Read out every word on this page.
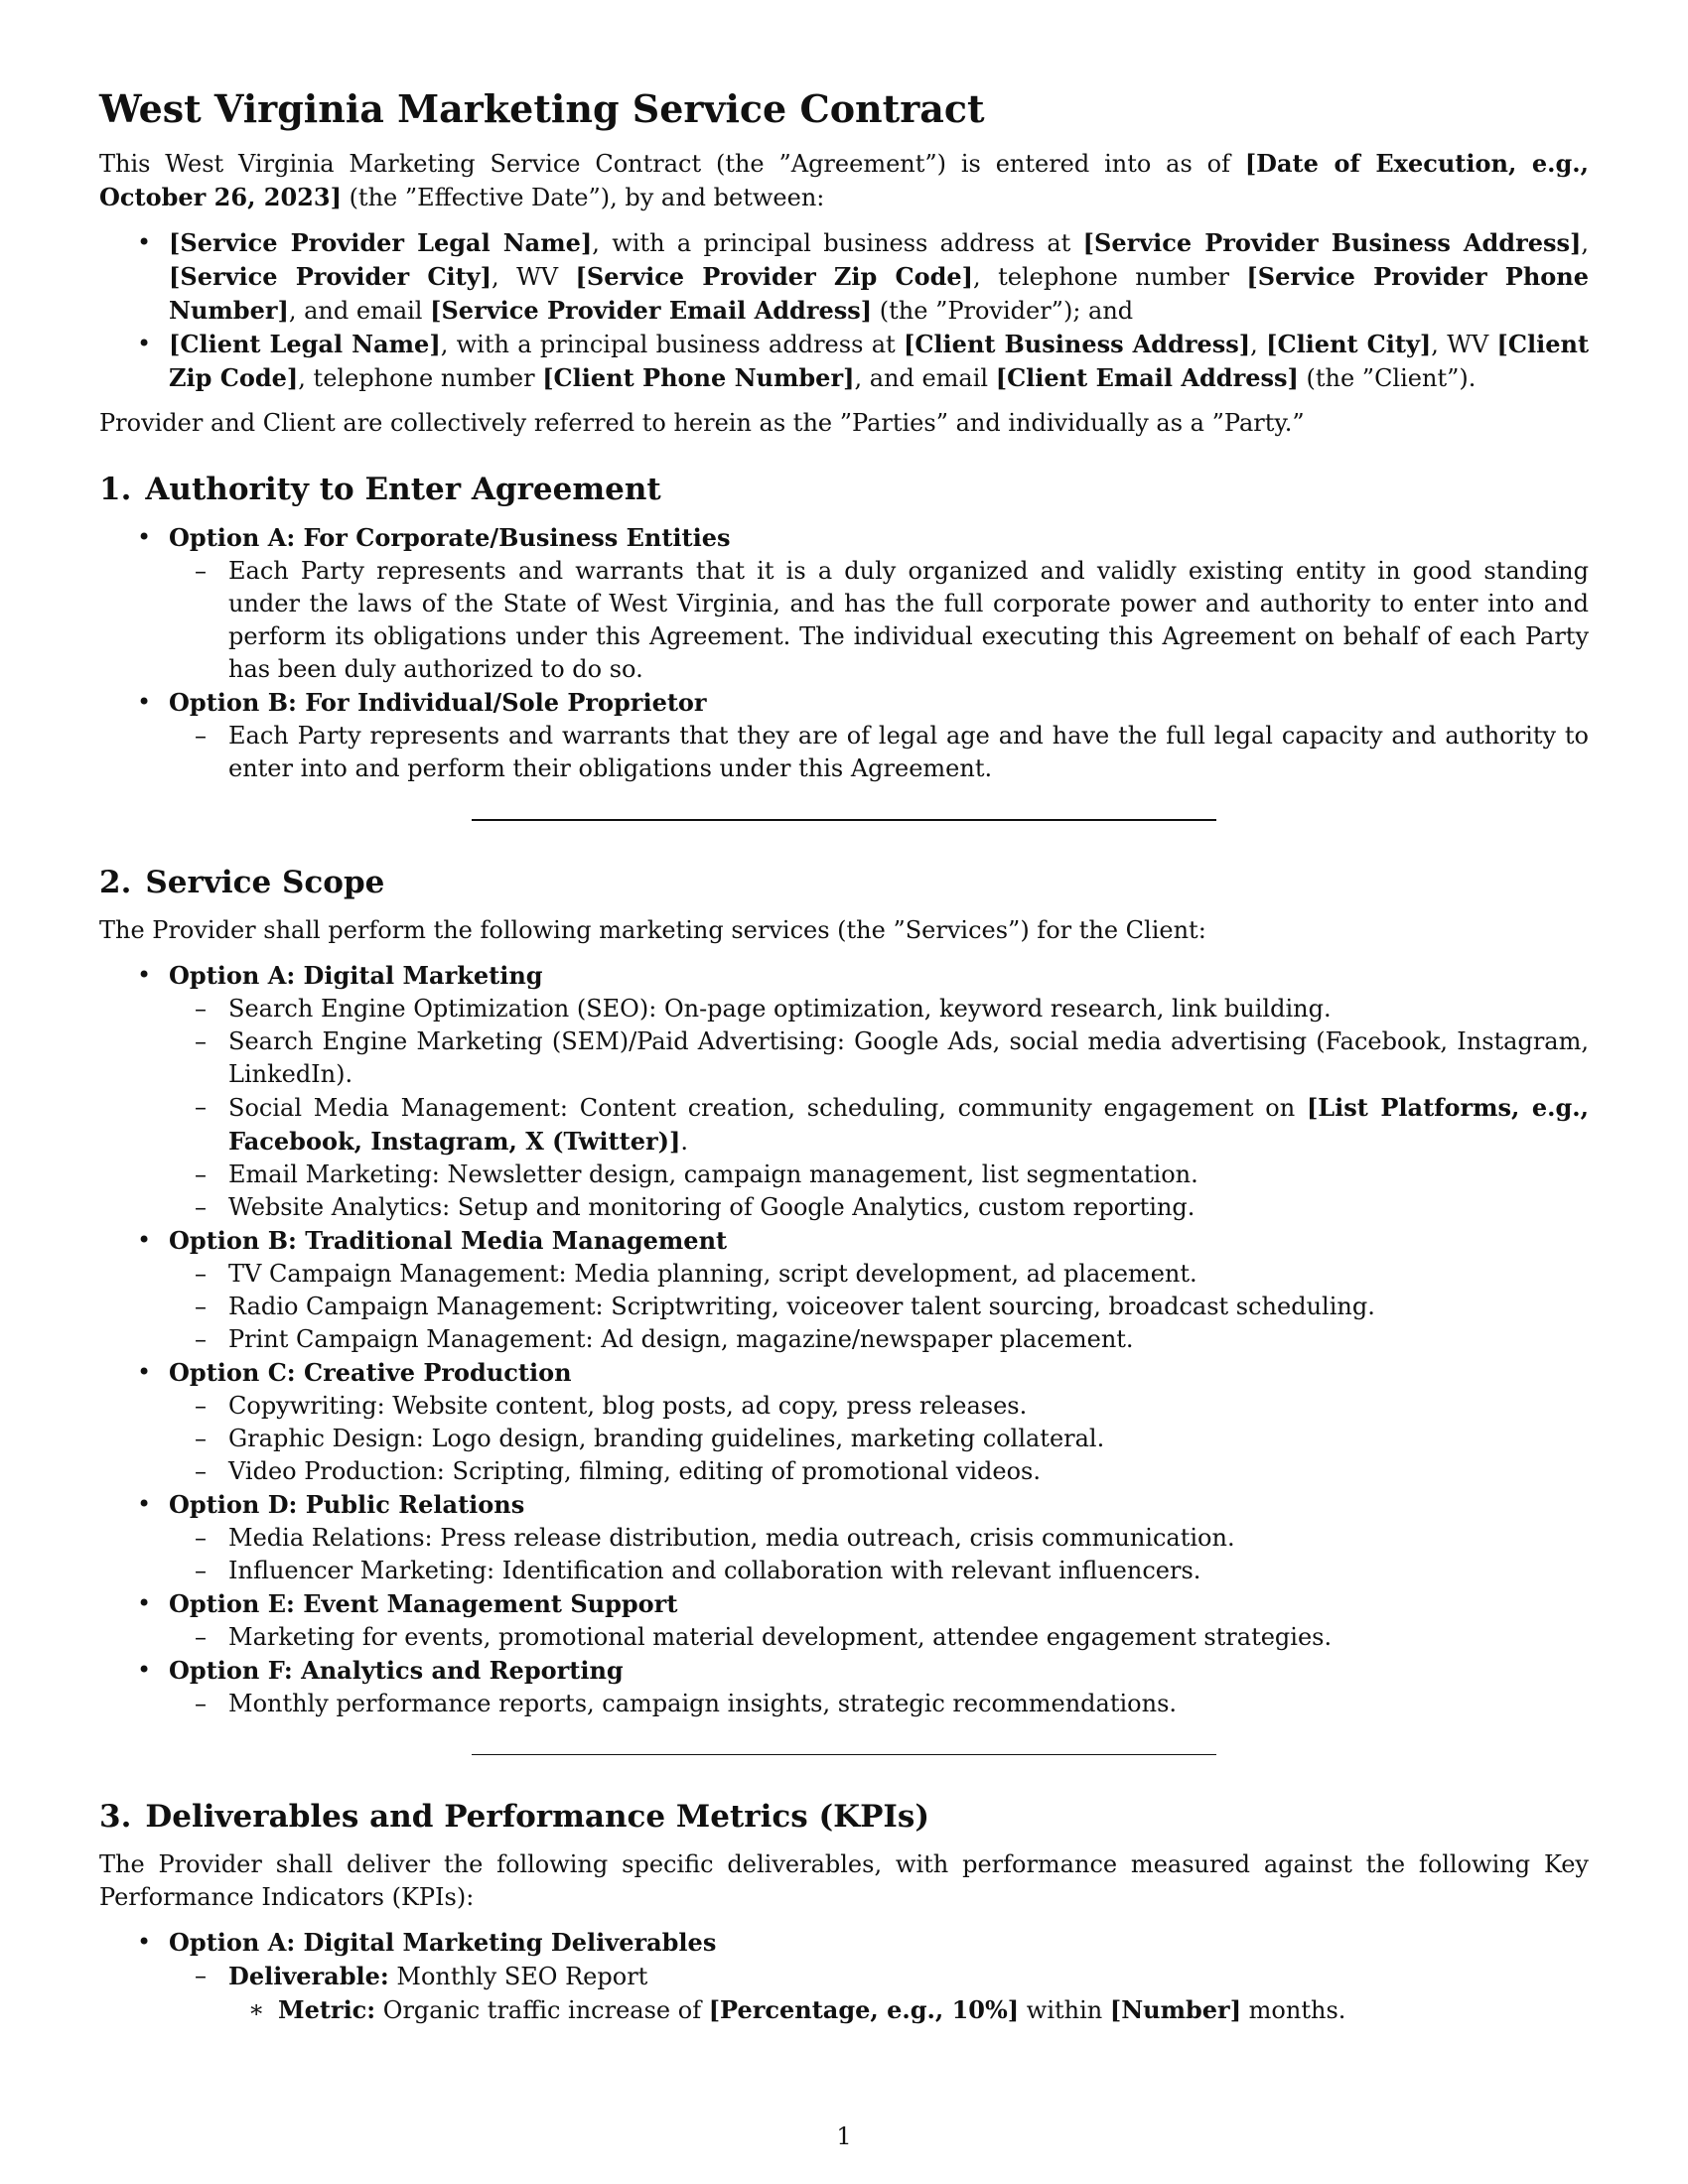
West Virginia Marketing Service Contract

This West Virginia Marketing Service Contract (the ”Agreement”) is entered into as of [Date of Execution, e.g., October 26, 2023] (the ”Effective Date”), by and between:

• [Service Provider Legal Name], with a principal business address at [Service Provider Business Address], [Service Provider City], WV [Service Provider Zip Code], telephone number [Service Provider Phone Number], and email [Service Provider Email Address] (the ”Provider”); and
• [Client Legal Name], with a principal business address at [Client Business Address], [Client City], WV [Client Zip Code], telephone number [Client Phone Number], and email [Client Email Address] (the ”Client”).

Provider and Client are collectively referred to herein as the ”Parties” and individually as a ”Party.”

1. Authority to Enter Agreement
• Option A: For Corporate/Business Entities
– Each Party represents and warrants that it is a duly organized and validly existing entity in good standing under the laws of the State of West Virginia, and has the full corporate power and authority to enter into and perform its obligations under this Agreement. The individual executing this Agreement on behalf of each Party has been duly authorized to do so.
• Option B: For Individual/Sole Proprietor
– Each Party represents and warrants that they are of legal age and have the full legal capacity and authority to enter into and perform their obligations under this Agreement.
2. Service Scope

The Provider shall perform the following marketing services (the ”Services”) for the Client:

• Option A: Digital Marketing
– Search Engine Optimization (SEO): On-page optimization, keyword research, link building.
– Search Engine Marketing (SEM)/Paid Advertising: Google Ads, social media advertising (Facebook, Instagram, LinkedIn).
– Social Media Management: Content creation, scheduling, community engagement on [List Platforms, e.g., Facebook, Instagram, X (Twitter)].
– Email Marketing: Newsletter design, campaign management, list segmentation.
– Website Analytics: Setup and monitoring of Google Analytics, custom reporting.
• Option B: Traditional Media Management
– TV Campaign Management: Media planning, script development, ad placement.
– Radio Campaign Management: Scriptwriting, voiceover talent sourcing, broadcast scheduling.
– Print Campaign Management: Ad design, magazine/newspaper placement.
• Option C: Creative Production
– Copywriting: Website content, blog posts, ad copy, press releases.
– Graphic Design: Logo design, branding guidelines, marketing collateral.
– Video Production: Scripting, filming, editing of promotional videos.
• Option D: Public Relations
– Media Relations: Press release distribution, media outreach, crisis communication.
– Influencer Marketing: Identification and collaboration with relevant influencers.
• Option E: Event Management Support
– Marketing for events, promotional material development, attendee engagement strategies.
• Option F: Analytics and Reporting
– Monthly performance reports, campaign insights, strategic recommendations.
3. Deliverables and Performance Metrics (KPIs)

The Provider shall deliver the following specific deliverables, with performance measured against the following Key Performance Indicators (KPIs):

• Option A: Digital Marketing Deliverables
– Deliverable: Monthly SEO Report
∗ Metric: Organic traffic increase of [Percentage, e.g., 10%] within [Number] months.
1
